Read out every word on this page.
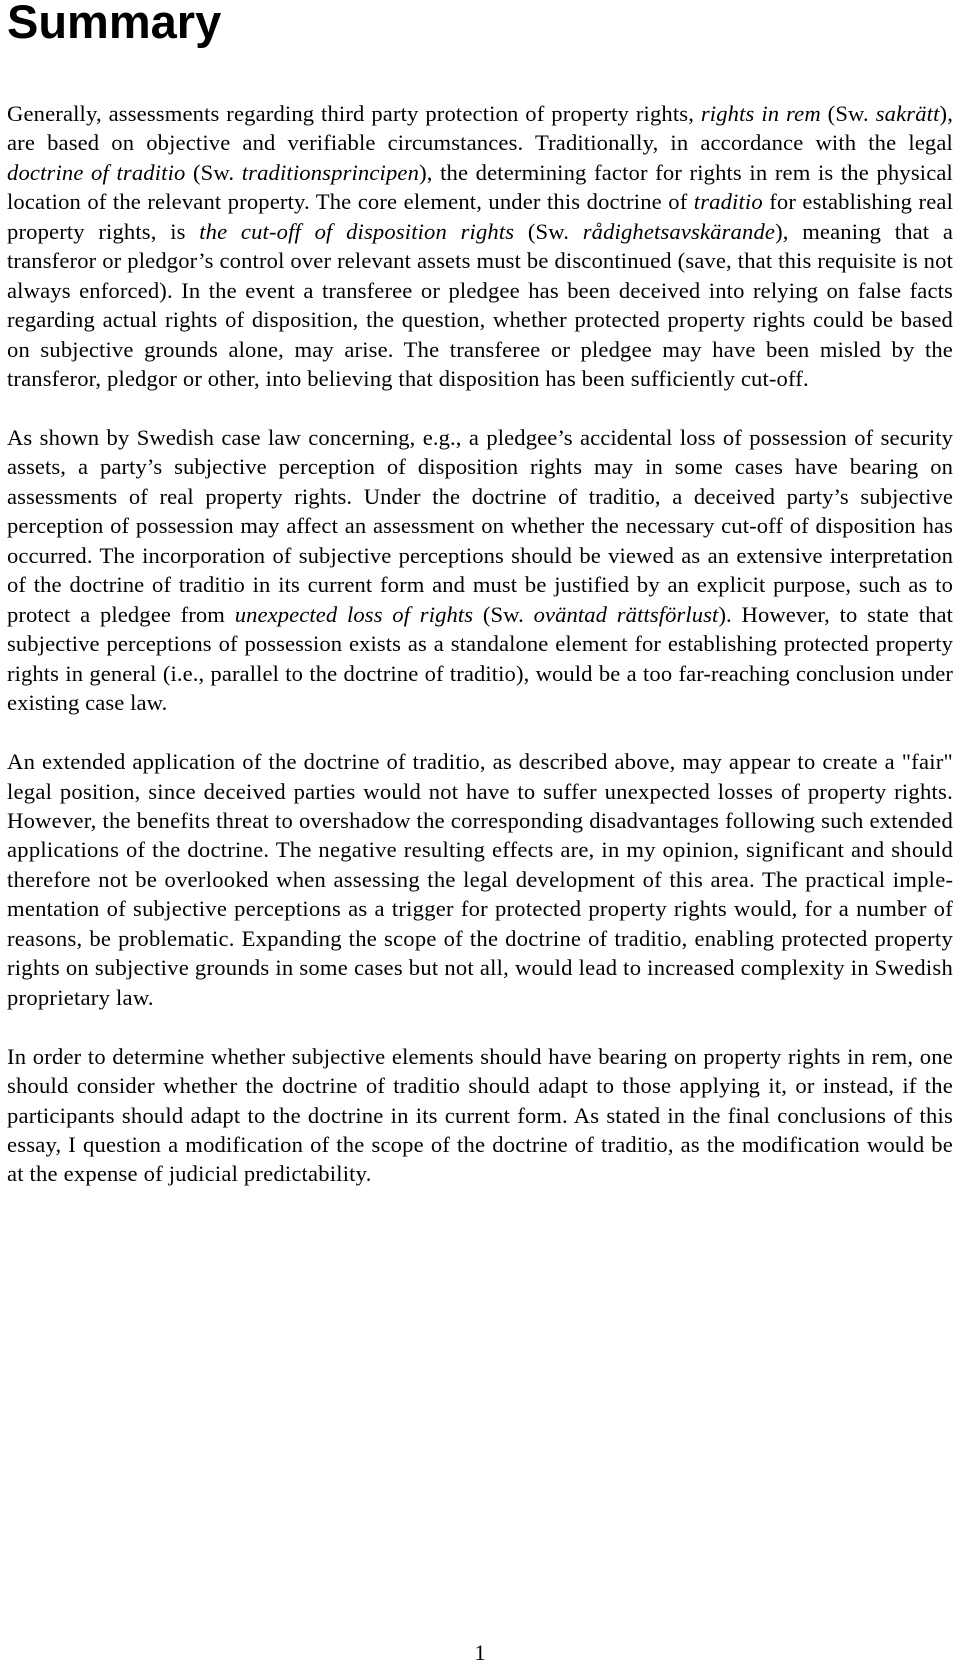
Summary

Generally, assessments regarding third party protection of property rights, rights in rem (Sw. sakrätt), are based on objective and verifiable circumstances. Traditionally, in accordance with the legal doctrine of traditio (Sw. traditionsprincipen), the determining factor for rights in rem is the physical location of the relevant property. The core element, under this doctrine of traditio for establishing real property rights, is the cut-off of disposition rights (Sw. rådighetsavskärande), meaning that a transferor or pledgor’s control over relevant assets must be discontinued (save, that this requisite is not always enforced). In the event a transferee or pledgee has been deceived into relying on false facts regarding actual rights of disposition, the question, whether protected property rights could be based on subjective grounds alone, may arise. The transferee or pledgee may have been misled by the transferor, pledgor or other, into believing that disposition has been sufficiently cut-off.

As shown by Swedish case law concerning, e.g., a pledgee’s accidental loss of possession of security assets, a party’s subjective perception of disposition rights may in some cases have bearing on assessments of real property rights. Under the doctrine of traditio, a deceived party’s subjective perception of possession may affect an assessment on whether the necessary cut-off of disposition has occurred. The incorporation of subjective perceptions should be viewed as an extensive interpretation of the doctrine of traditio in its current form and must be justified by an explicit purpose, such as to protect a pledgee from unexpected loss of rights (Sw. oväntad rättsförlust). However, to state that subjective perceptions of possession exists as a standalone element for establishing protected property rights in general (i.e., parallel to the doctrine of traditio), would be a too far-reaching conclusion under existing case law.

An extended application of the doctrine of traditio, as described above, may appear to create a "fair" legal position, since deceived parties would not have to suffer unexpected losses of property rights. However, the benefits threat to overshadow the corresponding disadvantages following such extended applications of the doctrine. The negative resulting effects are, in my opinion, significant and should therefore not be overlooked when assessing the legal development of this area. The practical implementation of subjective perceptions as a trigger for protected property rights would, for a number of reasons, be problematic. Expanding the scope of the doctrine of traditio, enabling protected property rights on subjective grounds in some cases but not all, would lead to increased complexity in Swedish proprietary law.

In order to determine whether subjective elements should have bearing on property rights in rem, one should consider whether the doctrine of traditio should adapt to those applying it, or instead, if the participants should adapt to the doctrine in its current form. As stated in the final conclusions of this essay, I question a modification of the scope of the doctrine of traditio, as the modification would be at the expense of judicial predictability.

1
